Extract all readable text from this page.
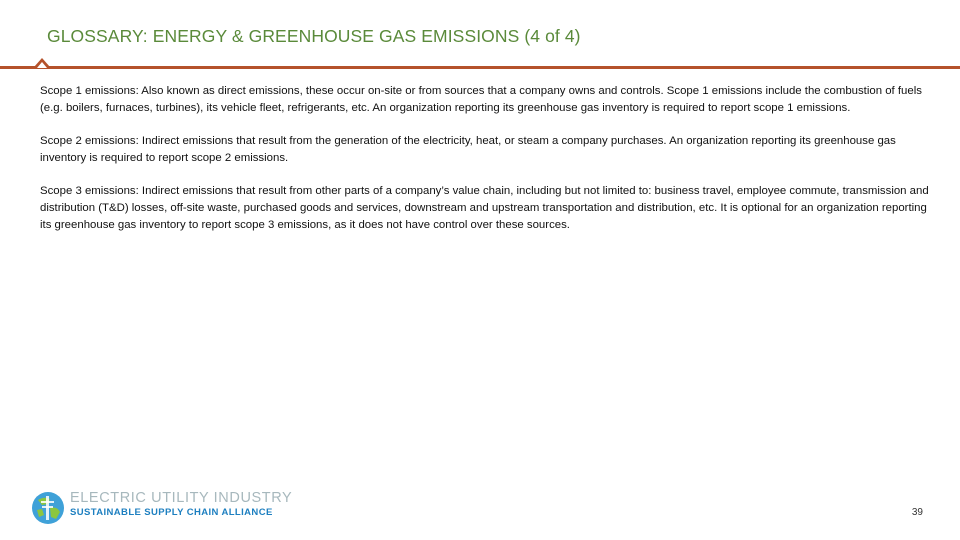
GLOSSARY: ENERGY & GREENHOUSE GAS EMISSIONS (4 of 4)

Scope 1 emissions: Also known as direct emissions, these occur on-site or from sources that a company owns and controls. Scope 1 emissions include the combustion of fuels (e.g. boilers, furnaces, turbines), its vehicle fleet, refrigerants, etc. An organization reporting its greenhouse gas inventory is required to report scope 1 emissions.

Scope 2 emissions: Indirect emissions that result from the generation of the electricity, heat, or steam a company purchases. An organization reporting its greenhouse gas inventory is required to report scope 2 emissions.

Scope 3 emissions: Indirect emissions that result from other parts of a company’s value chain, including but not limited to: business travel, employee commute, transmission and distribution (T&D) losses, off-site waste, purchased goods and services, downstream and upstream transportation and distribution, etc. It is optional for an organization reporting its greenhouse gas inventory to report scope 3 emissions, as it does not have control over these sources.

ELECTRIC UTILITY INDUSTRY
SUSTAINABLE SUPPLY CHAIN ALLIANCE	39
